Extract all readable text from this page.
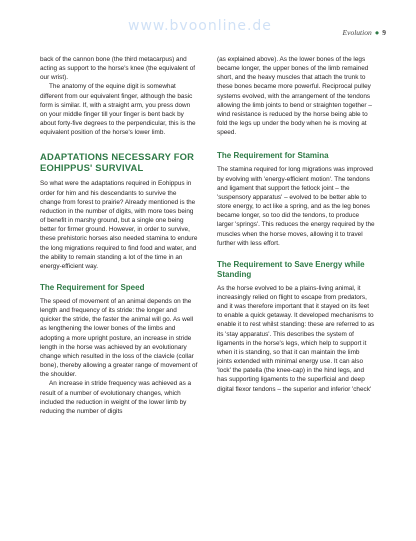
Evolution ● 9
www.bvoonline.de

back of the cannon bone (the third metacarpus) and acting as support to the horse's knee (the equivalent of our wrist).

The anatomy of the equine digit is somewhat different from our equivalent finger, although the basic form is similar. If, with a straight arm, you press down on your middle finger till your finger is bent back by about forty-five degrees to the perpendicular, this is the equivalent position of the horse's lower limb.

ADAPTATIONS NECESSARY FOR EOHIPPUS' SURVIVAL

So what were the adaptations required in Eohippus in order for him and his descendants to survive the change from forest to prairie? Already mentioned is the reduction in the number of digits, with more toes being of benefit in marshy ground, but a single one being better for firmer ground. However, in order to survive, these prehistoric horses also needed stamina to endure the long migrations required to find food and water, and the ability to remain standing a lot of the time in an energy-efficient way.

The Requirement for Speed

The speed of movement of an animal depends on the length and frequency of its stride: the longer and quicker the stride, the faster the animal will go. As well as lengthening the lower bones of the limbs and adopting a more upright posture, an increase in stride length in the horse was achieved by an evolutionary change which resulted in the loss of the clavicle (collar bone), thereby allowing a greater range of movement of the shoulder.

An increase in stride frequency was achieved as a result of a number of evolutionary changes, which included the reduction in weight of the lower limb by reducing the number of digits

(as explained above). As the lower bones of the legs became longer, the upper bones of the limb remained short, and the heavy muscles that attach the trunk to these bones became more powerful. Reciprocal pulley systems evolved, with the arrangement of the tendons allowing the limb joints to bend or straighten together – wind resistance is reduced by the horse being able to fold the legs up under the body when he is moving at speed.

The Requirement for Stamina

The stamina required for long migrations was improved by evolving with 'energy-efficient motion'. The tendons and ligament that support the fetlock joint – the 'suspensory apparatus' – evolved to be better able to store energy, to act like a spring, and as the leg bones became longer, so too did the tendons, to produce larger 'springs'. This reduces the energy required by the muscles when the horse moves, allowing it to travel further with less effort.

The Requirement to Save Energy while Standing

As the horse evolved to be a plains-living animal, it increasingly relied on flight to escape from predators, and it was therefore important that it stayed on its feet to enable a quick getaway. It developed mechanisms to enable it to rest whilst standing: these are referred to as its 'stay apparatus'. This describes the system of ligaments in the horse's legs, which help to support it when it is standing, so that it can maintain the limb joints extended with minimal energy use. It can also 'lock' the patella (the knee-cap) in the hind legs, and has supporting ligaments to the superficial and deep digital flexor tendons – the superior and inferior 'check'
